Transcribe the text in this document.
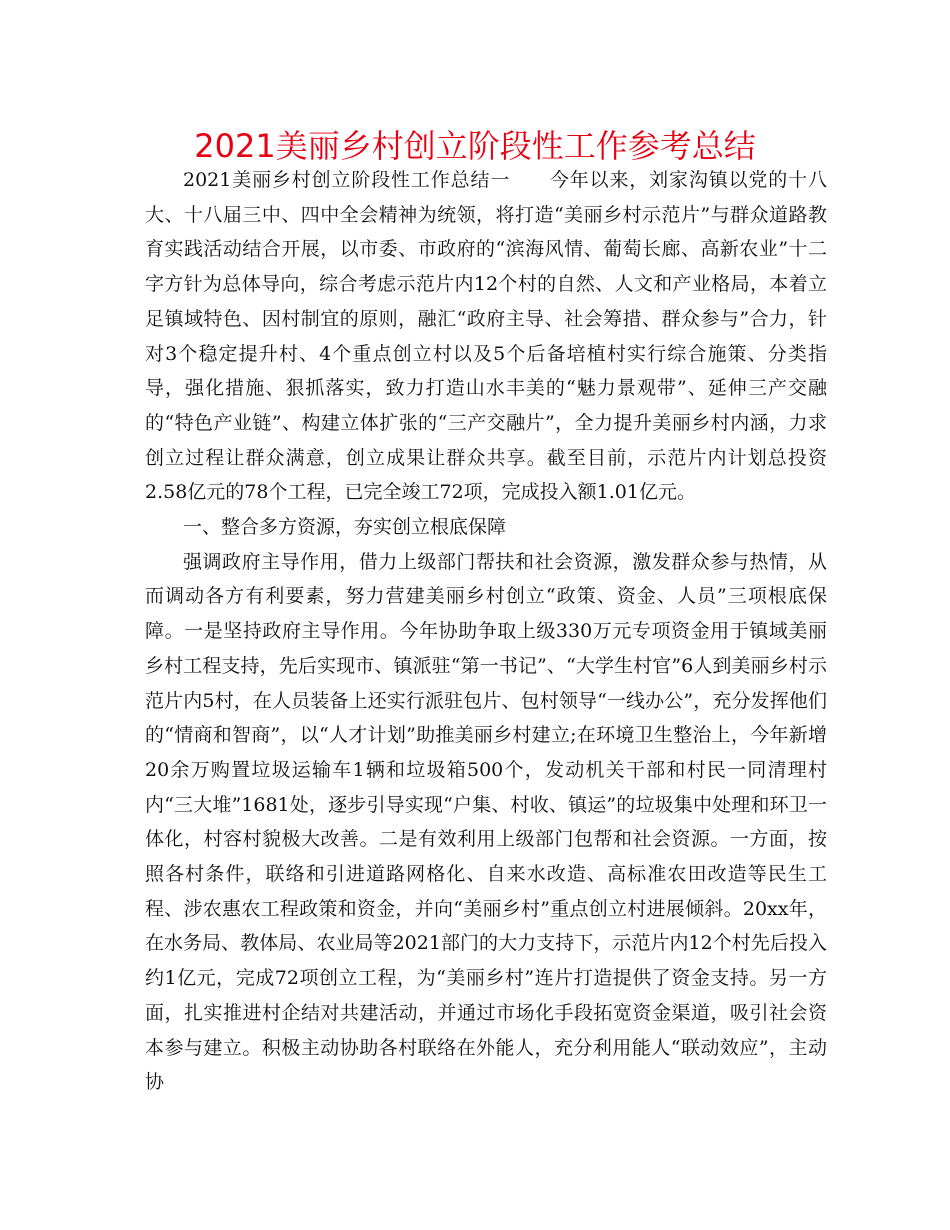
2021美丽乡村创立阶段性工作参考总结

2021美丽乡村创立阶段性工作总结一　　今年以来，刘家沟镇以党的十八大、十八届三中、四中全会精神为统领，将打造“美丽乡村示范片”与群众道路教育实践活动结合开展，以市委、市政府的“滨海风情、葡萄长廊、高新农业”十二字方针为总体导向，综合考虑示范片内12个村的自然、人文和产业格局，本着立足镇域特色、因村制宜的原则，融汇“政府主导、社会筹措、群众参与”合力，针对3个稳定提升村、4个重点创立村以及5个后备培植村实行综合施策、分类指导，强化措施、狠抓落实，致力打造山水丰美的“魅力景观带”、延伸三产交融的“特色产业链”、构建立体扩张的“三产交融片”，全力提升美丽乡村内涵，力求创立过程让群众满意，创立成果让群众共享。截至目前，示范片内计划总投资2.58亿元的78个工程，已完全竣工72项，完成投入额1.01亿元。

一、整合多方资源，夯实创立根底保障

强调政府主导作用，借力上级部门帮扶和社会资源，激发群众参与热情，从而调动各方有利要素，努力营建美丽乡村创立“政策、资金、人员”三项根底保障。一是坚持政府主导作用。今年协助争取上级330万元专项资金用于镇域美丽乡村工程支持，先后实现市、镇派驻“第一书记”、“大学生村官”6人到美丽乡村示范片内5村，在人员装备上还实行派驻包片、包村领导“一线办公”，充分发挥他们的“情商和智商”，以“人才计划”助推美丽乡村建立;在环境卫生整治上，今年新增20余万购置垃圾运输车1辆和垃圾箱500个，发动机关干部和村民一同清理村内“三大堆”1681处，逐步引导实现“户集、村收、镇运”的垃圾集中处理和环卫一体化，村容村貌极大改善。二是有效利用上级部门包帮和社会资源。一方面，按照各村条件，联络和引进道路网格化、自来水改造、高标准农田改造等民生工程、涉农惠农工程政策和资金，并向“美丽乡村”重点创立村进展倾斜。20xx年，在水务局、教体局、农业局等2021部门的大力支持下，示范片内12个村先后投入约1亿元，完成72项创立工程，为“美丽乡村”连片打造提供了资金支持。另一方面，扎实推进村企结对共建活动，并通过市场化手段拓宽资金渠道，吸引社会资本参与建立。积极主动协助各村联络在外能人，充分利用能人“联动效应”，主动协
